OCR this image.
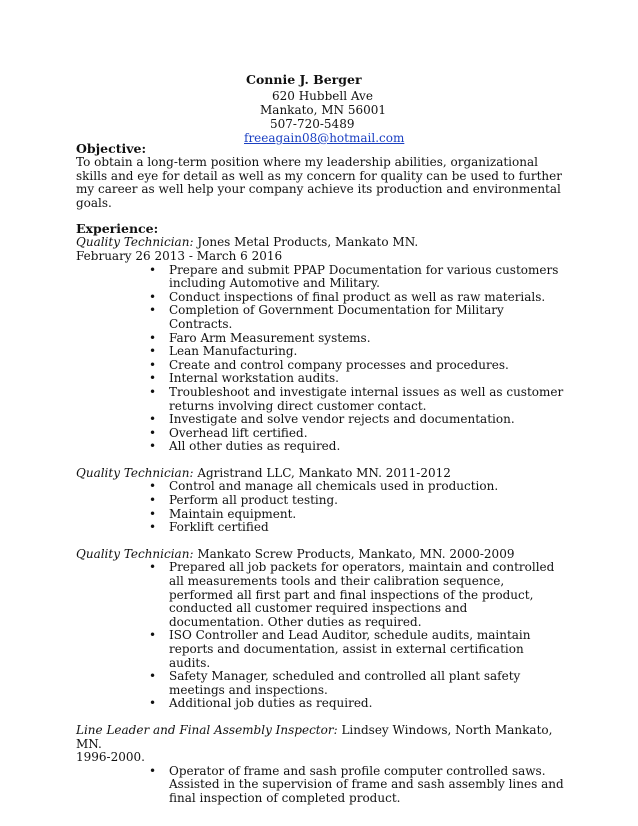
Connie J. Berger
620 Hubbell Ave
Mankato, MN 56001
507-720-5489
freeagain08@hotmail.com
Objective:

To obtain a long-term position where my leadership abilities, organizational skills and eye for detail as well as my concern for quality can be used to further my career as well help your company achieve its production and environmental goals.

Experience:
Quality Technician: Jones Metal Products, Mankato MN.
February 26 2013 - March 6 2016
• Prepare and submit PPAP Documentation for various customers including Automotive and Military.
• Conduct inspections of final product as well as raw materials.
• Completion of Government Documentation for Military Contracts.
• Faro Arm Measurement systems.
• Lean Manufacturing.
• Create and control company processes and procedures.
• Internal workstation audits.
• Troubleshoot and investigate internal issues as well as customer returns involving direct customer contact.
• Investigate and solve vendor rejects and documentation.
• Overhead lift certified.
• All other duties as required.
Quality Technician: Agristrand LLC, Mankato MN. 2011-2012
• Control and manage all chemicals used in production.
• Perform all product testing.
• Maintain equipment.
• Forklift certified
Quality Technician: Mankato Screw Products, Mankato, MN. 2000-2009
• Prepared all job packets for operators, maintain and controlled all measurements tools and their calibration sequence, performed all first part and final inspections of the product, conducted all customer required inspections and documentation. Other duties as required.
• ISO Controller and Lead Auditor, schedule audits, maintain reports and documentation, assist in external certification audits.
• Safety Manager, scheduled and controlled all plant safety meetings and inspections.
• Additional job duties as required.
Line Leader and Final Assembly Inspector: Lindsey Windows, North Mankato, MN.
1996-2000.
• Operator of frame and sash profile computer controlled saws. Assisted in the supervision of frame and sash assembly lines and final inspection of completed product.
